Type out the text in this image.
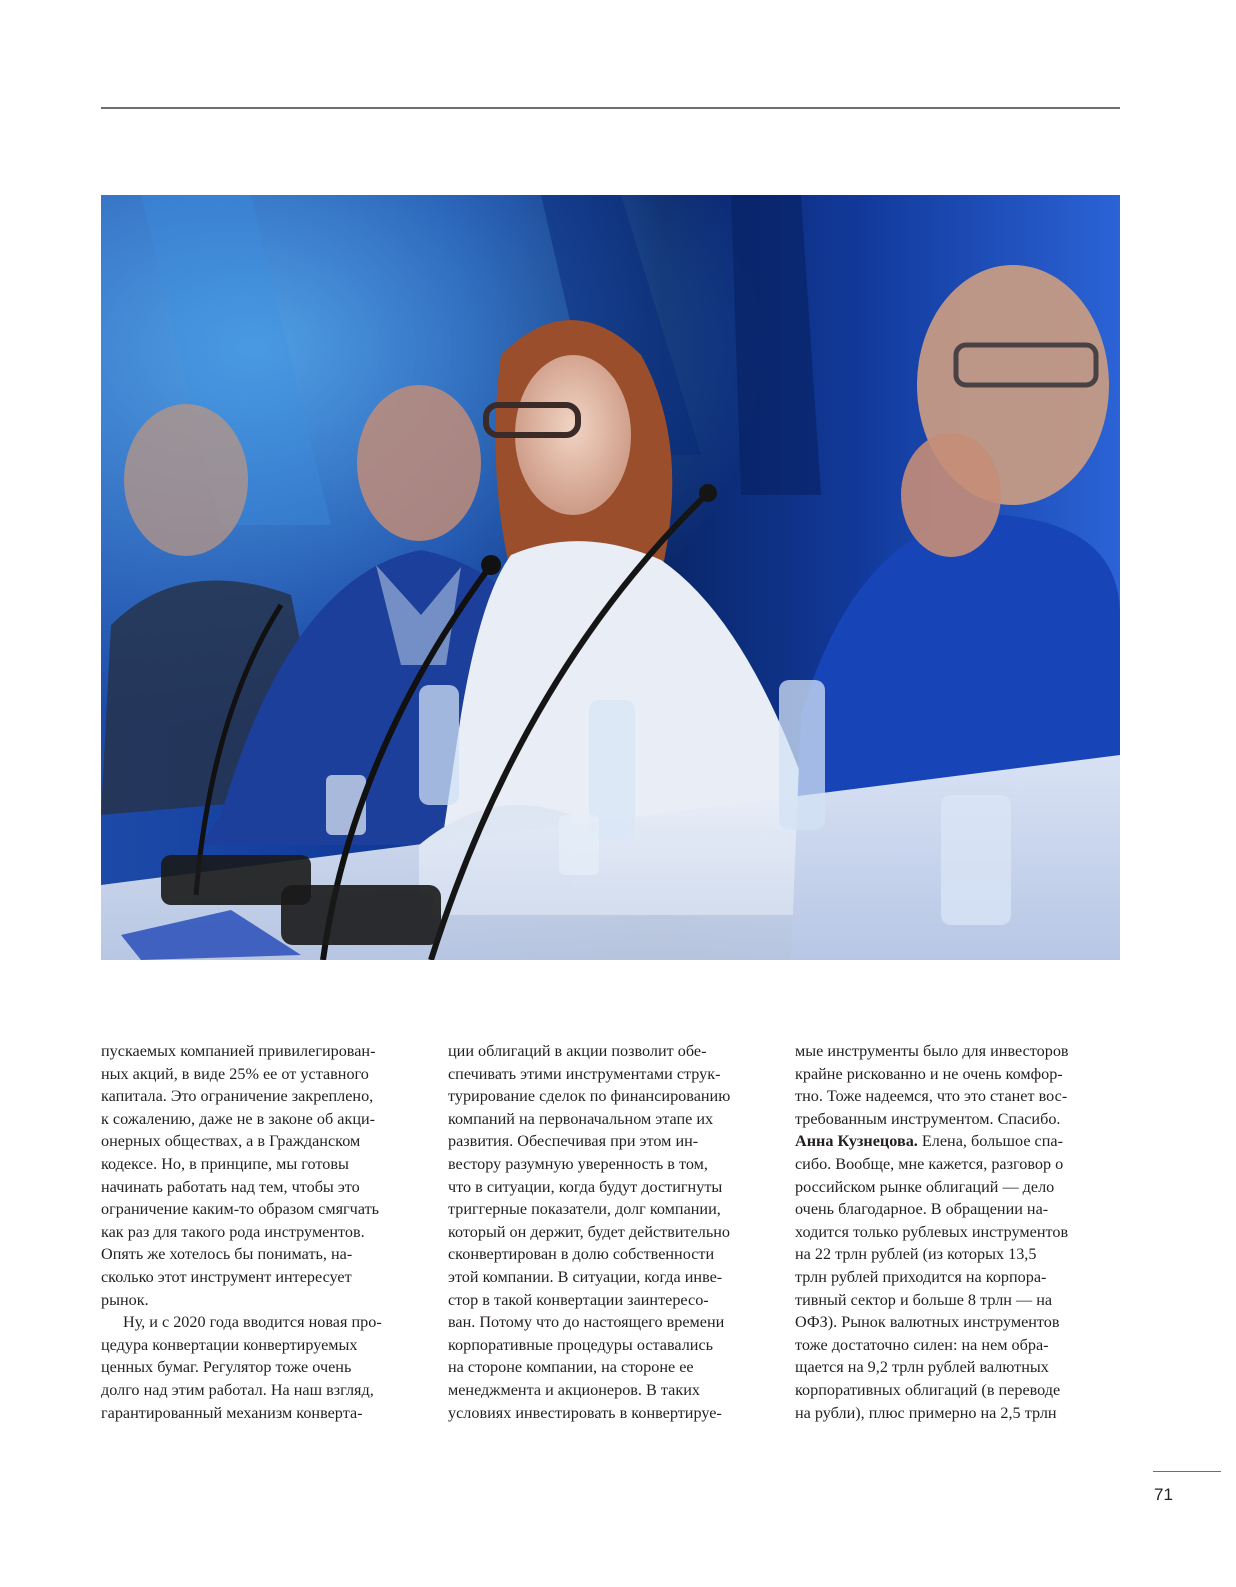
пускаемых компанией привилегирован-
ных акций, в виде 25% ее от уставного
капитала. Это ограничение закреплено,
к сожалению, даже не в законе об акци-
онерных обществах, а в Гражданском
кодексе. Но, в принципе, мы готовы
начинать работать над тем, чтобы это
ограничение каким-то образом смягчать
как раз для такого рода инструментов.
Опять же хотелось бы понимать, на-
сколько этот инструмент интересует
рынок.
Ну, и с 2020 года вводится новая про-
цедура конвертации конвертируемых
ценных бумаг. Регулятор тоже очень
долго над этим работал. На наш взгляд,
гарантированный механизм конверта-
ции облигаций в акции позволит обе-
спечивать этими инструментами струк-
турирование сделок по финансированию
компаний на первоначальном этапе их
развития. Обеспечивая при этом ин-
вестору разумную уверенность в том,
что в ситуации, когда будут достигнуты
триггерные показатели, долг компании,
который он держит, будет действительно
сконвертирован в долю собственности
этой компании. В ситуации, когда инве-
стор в такой конвертации заинтересо-
ван. Потому что до настоящего времени
корпоративные процедуры оставались
на стороне компании, на стороне ее
менеджмента и акционеров. В таких
условиях инвестировать в конвертируе-
мые инструменты было для инвесторов
крайне рискованно и не очень комфор-
тно. Тоже надеемся, что это станет вос-
требованным инструментом. Спасибо.
Анна Кузнецова. Елена, большое спа-
сибо. Вообще, мне кажется, разговор о
российском рынке облигаций — дело
очень благодарное. В обращении на-
ходится только рублевых инструментов
на 22 трлн рублей (из которых 13,5
трлн рублей приходится на корпора-
тивный сектор и больше 8 трлн — на
ОФЗ). Рынок валютных инструментов
тоже достаточно силен: на нем обра-
щается на 9,2 трлн рублей валютных
корпоративных облигаций (в переводе
на рубли), плюс примерно на 2,5 трлн
71
